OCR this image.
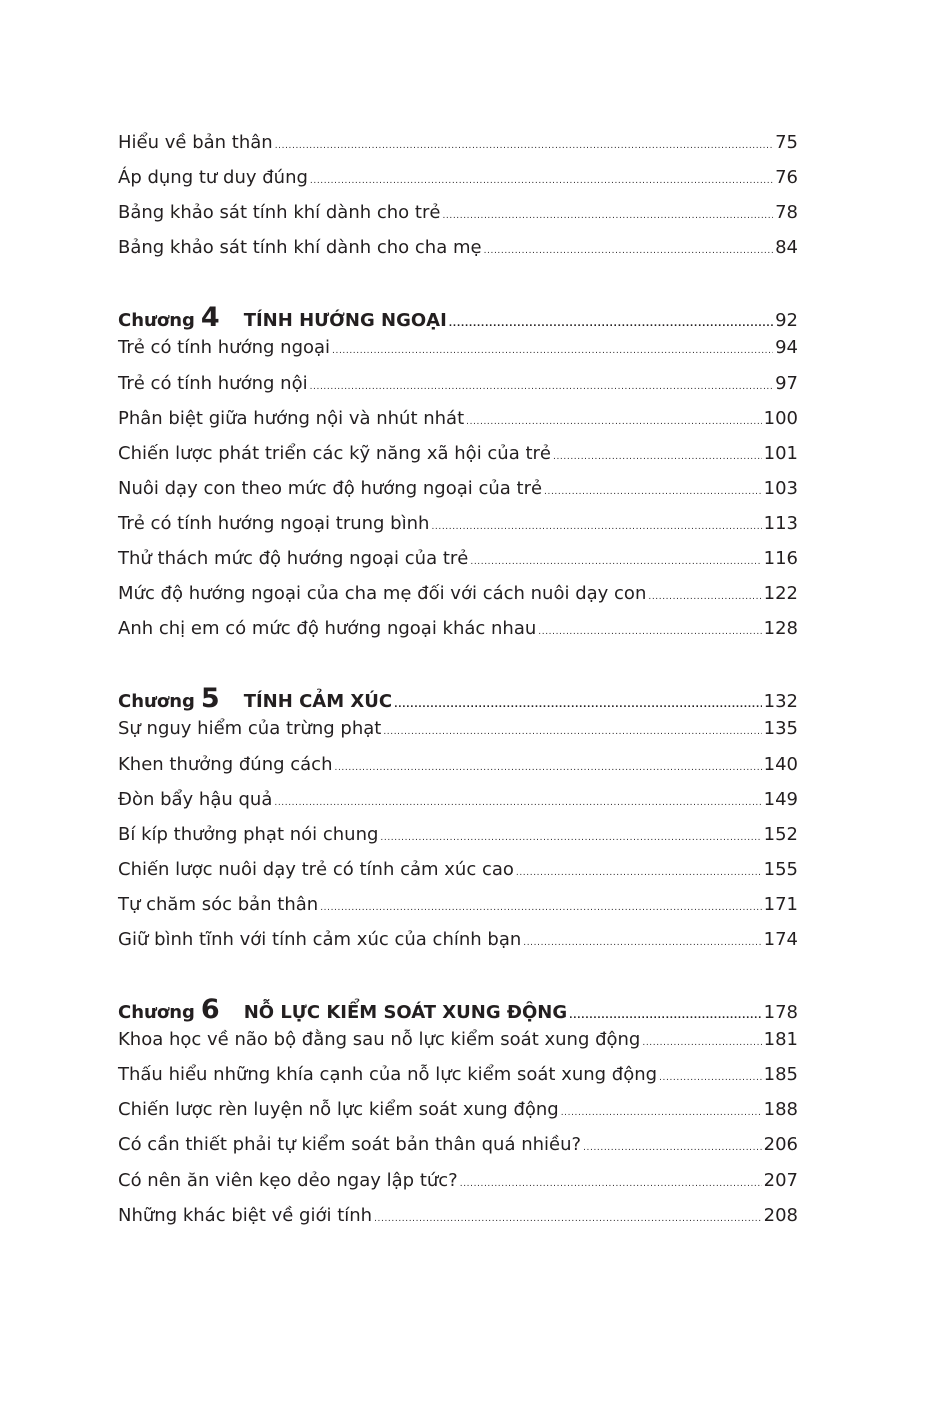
Hiểu về bản thân .....	75
Áp dụng tư duy đúng .....	76
Bảng khảo sát tính khí dành cho trẻ .....	78
Bảng khảo sát tính khí dành cho cha mẹ .....	84
Chương 4 TÍNH HƯỚNG NGOẠI .....	92
Trẻ có tính hướng ngoại .....	94
Trẻ có tính hướng nội .....	97
Phân biệt giữa hướng nội và nhút nhát .....	100
Chiến lược phát triển các kỹ năng xã hội của trẻ .....	101
Nuôi dạy con theo mức độ hướng ngoại của trẻ .....	103
Trẻ có tính hướng ngoại trung bình .....	113
Thử thách mức độ hướng ngoại của trẻ .....	116
Mức độ hướng ngoại của cha mẹ đối với cách nuôi dạy con .....	122
Anh chị em có mức độ hướng ngoại khác nhau .....	128
Chương 5 TÍNH CẢM XÚC .....	132
Sự nguy hiểm của trừng phạt .....	135
Khen thưởng đúng cách .....	140
Đòn bẩy hậu quả .....	149
Bí kíp thưởng phạt nói chung .....	152
Chiến lược nuôi dạy trẻ có tính cảm xúc cao .....	155
Tự chăm sóc bản thân .....	171
Giữ bình tĩnh với tính cảm xúc của chính bạn .....	174
Chương 6 NỖ LỰC KIỂM SOÁT XUNG ĐỘNG .....	178
Khoa học về não bộ đằng sau nỗ lực kiểm soát xung động .....	181
Thấu hiểu những khía cạnh của nỗ lực kiểm soát xung động .....	185
Chiến lược rèn luyện nỗ lực kiểm soát xung động .....	188
Có cần thiết phải tự kiểm soát bản thân quá nhiều? .....	206
Có nên ăn viên kẹo dẻo ngay lập tức? .....	207
Những khác biệt về giới tính .....	208
